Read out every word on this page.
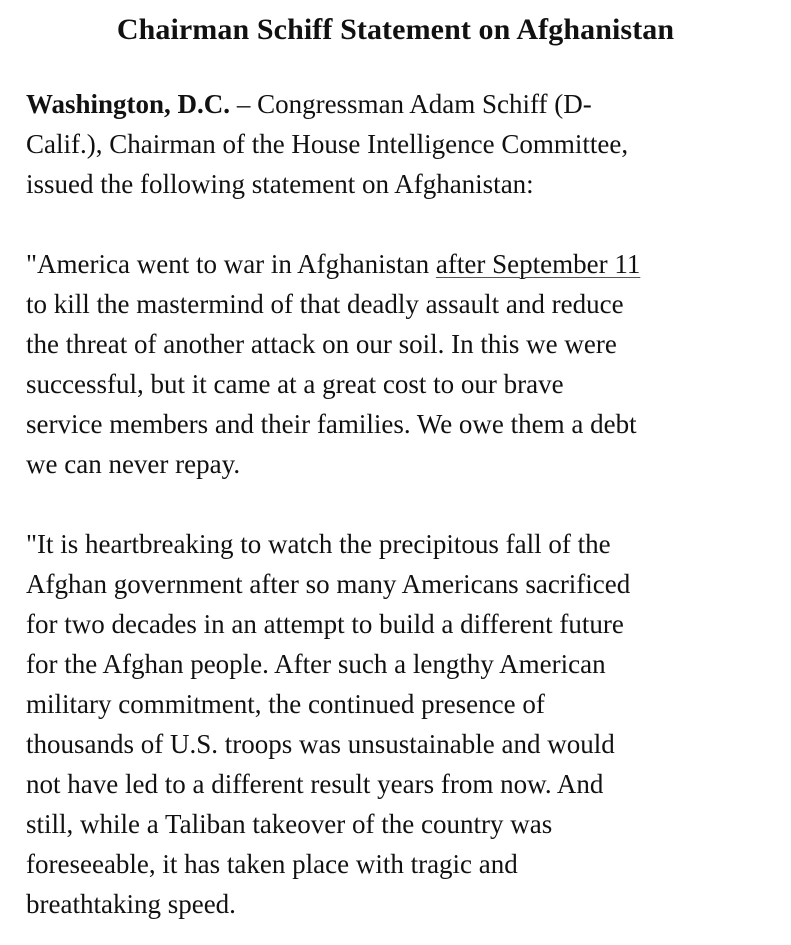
Chairman Schiff Statement on Afghanistan

Washington, D.C. – Congressman Adam Schiff (D-
Calif.), Chairman of the House Intelligence Committee,
issued the following statement on Afghanistan:

"America went to war in Afghanistan after September 11
to kill the mastermind of that deadly assault and reduce
the threat of another attack on our soil. In this we were
successful, but it came at a great cost to our brave
service members and their families. We owe them a debt
we can never repay.

"It is heartbreaking to watch the precipitous fall of the
Afghan government after so many Americans sacrificed
for two decades in an attempt to build a different future
for the Afghan people. After such a lengthy American
military commitment, the continued presence of
thousands of U.S. troops was unsustainable and would
not have led to a different result years from now. And
still, while a Taliban takeover of the country was
foreseeable, it has taken place with tragic and
breathtaking speed.
